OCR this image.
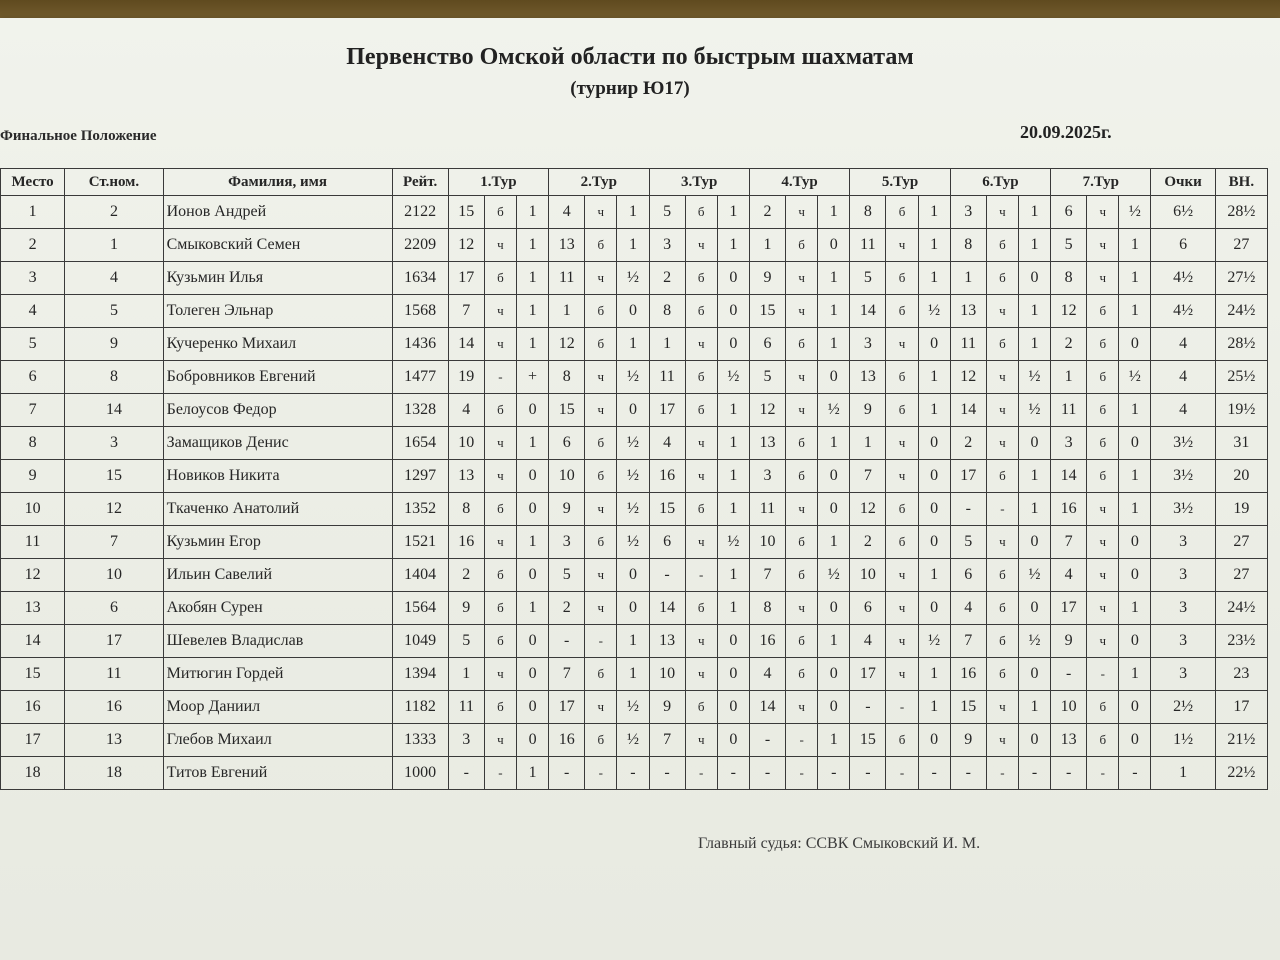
Первенство Омской области по быстрым шахматам
(турнир Ю17)
Финальное Положение	20.09.2025г.
Место	Ст.ном.	Фамилия, имя	Рейт.	1.Тур			2.Тур			3.Тур			4.Тур			5.Тур			6.Тур			7.Тур			Очки	ВН.
1	2	Ионов Андрей	2122	15	б	1	4	ч	1	5	б	1	2	ч	1	8	б	1	3	ч	1	6	ч	½	6½	28½
2	1	Смыковский Семен	2209	12	ч	1	13	б	1	3	ч	1	1	б	0	11	ч	1	8	б	1	5	ч	1	6	27
3	4	Кузьмин Илья	1634	17	б	1	11	ч	½	2	б	0	9	ч	1	5	б	1	1	б	0	8	ч	1	4½	27½
4	5	Толеген Эльнар	1568	7	ч	1	1	б	0	8	б	0	15	ч	1	14	б	½	13	ч	1	12	б	1	4½	24½
5	9	Кучеренко Михаил	1436	14	ч	1	12	б	1	1	ч	0	6	б	1	3	ч	0	11	б	1	2	б	0	4	28½
6	8	Бобровников Евгений	1477	19	-	+	8	ч	½	11	б	½	5	ч	0	13	б	1	12	ч	½	1	б	½	4	25½
7	14	Белоусов Федор	1328	4	б	0	15	ч	0	17	б	1	12	ч	½	9	б	1	14	ч	½	11	б	1	4	19½
8	3	Замащиков Денис	1654	10	ч	1	6	б	½	4	ч	1	13	б	1	1	ч	0	2	ч	0	3	б	0	3½	31
9	15	Новиков Никита	1297	13	ч	0	10	б	½	16	ч	1	3	б	0	7	ч	0	17	б	1	14	б	1	3½	20
10	12	Ткаченко Анатолий	1352	8	б	0	9	ч	½	15	б	1	11	ч	0	12	б	0	-	-	1	16	ч	1	3½	19
11	7	Кузьмин Егор	1521	16	ч	1	3	б	½	6	ч	½	10	б	1	2	б	0	5	ч	0	7	ч	0	3	27
12	10	Ильин Савелий	1404	2	б	0	5	ч	0	-	-	1	7	б	½	10	ч	1	6	б	½	4	ч	0	3	27
13	6	Акобян Сурен	1564	9	б	1	2	ч	0	14	б	1	8	ч	0	6	ч	0	4	б	0	17	ч	1	3	24½
14	17	Шевелев Владислав	1049	5	б	0	-	-	1	13	ч	0	16	б	1	4	ч	½	7	б	½	9	ч	0	3	23½
15	11	Митюгин Гордей	1394	1	ч	0	7	б	1	10	ч	0	4	б	0	17	ч	1	16	б	0	-	-	1	3	23
16	16	Моор Даниил	1182	11	б	0	17	ч	½	9	б	0	14	ч	0	-	-	1	15	ч	1	10	б	0	2½	17
17	13	Глебов Михаил	1333	3	ч	0	16	б	½	7	ч	0	-	-	1	15	б	0	9	ч	0	13	б	0	1½	21½
18	18	Титов Евгений	1000	-	-	1	-	-	-	-	-	-	-	-	-	-	-	-	-	-	-	-	-	-	1	22½
Главный судья: ССВК Смыковский И. М.
